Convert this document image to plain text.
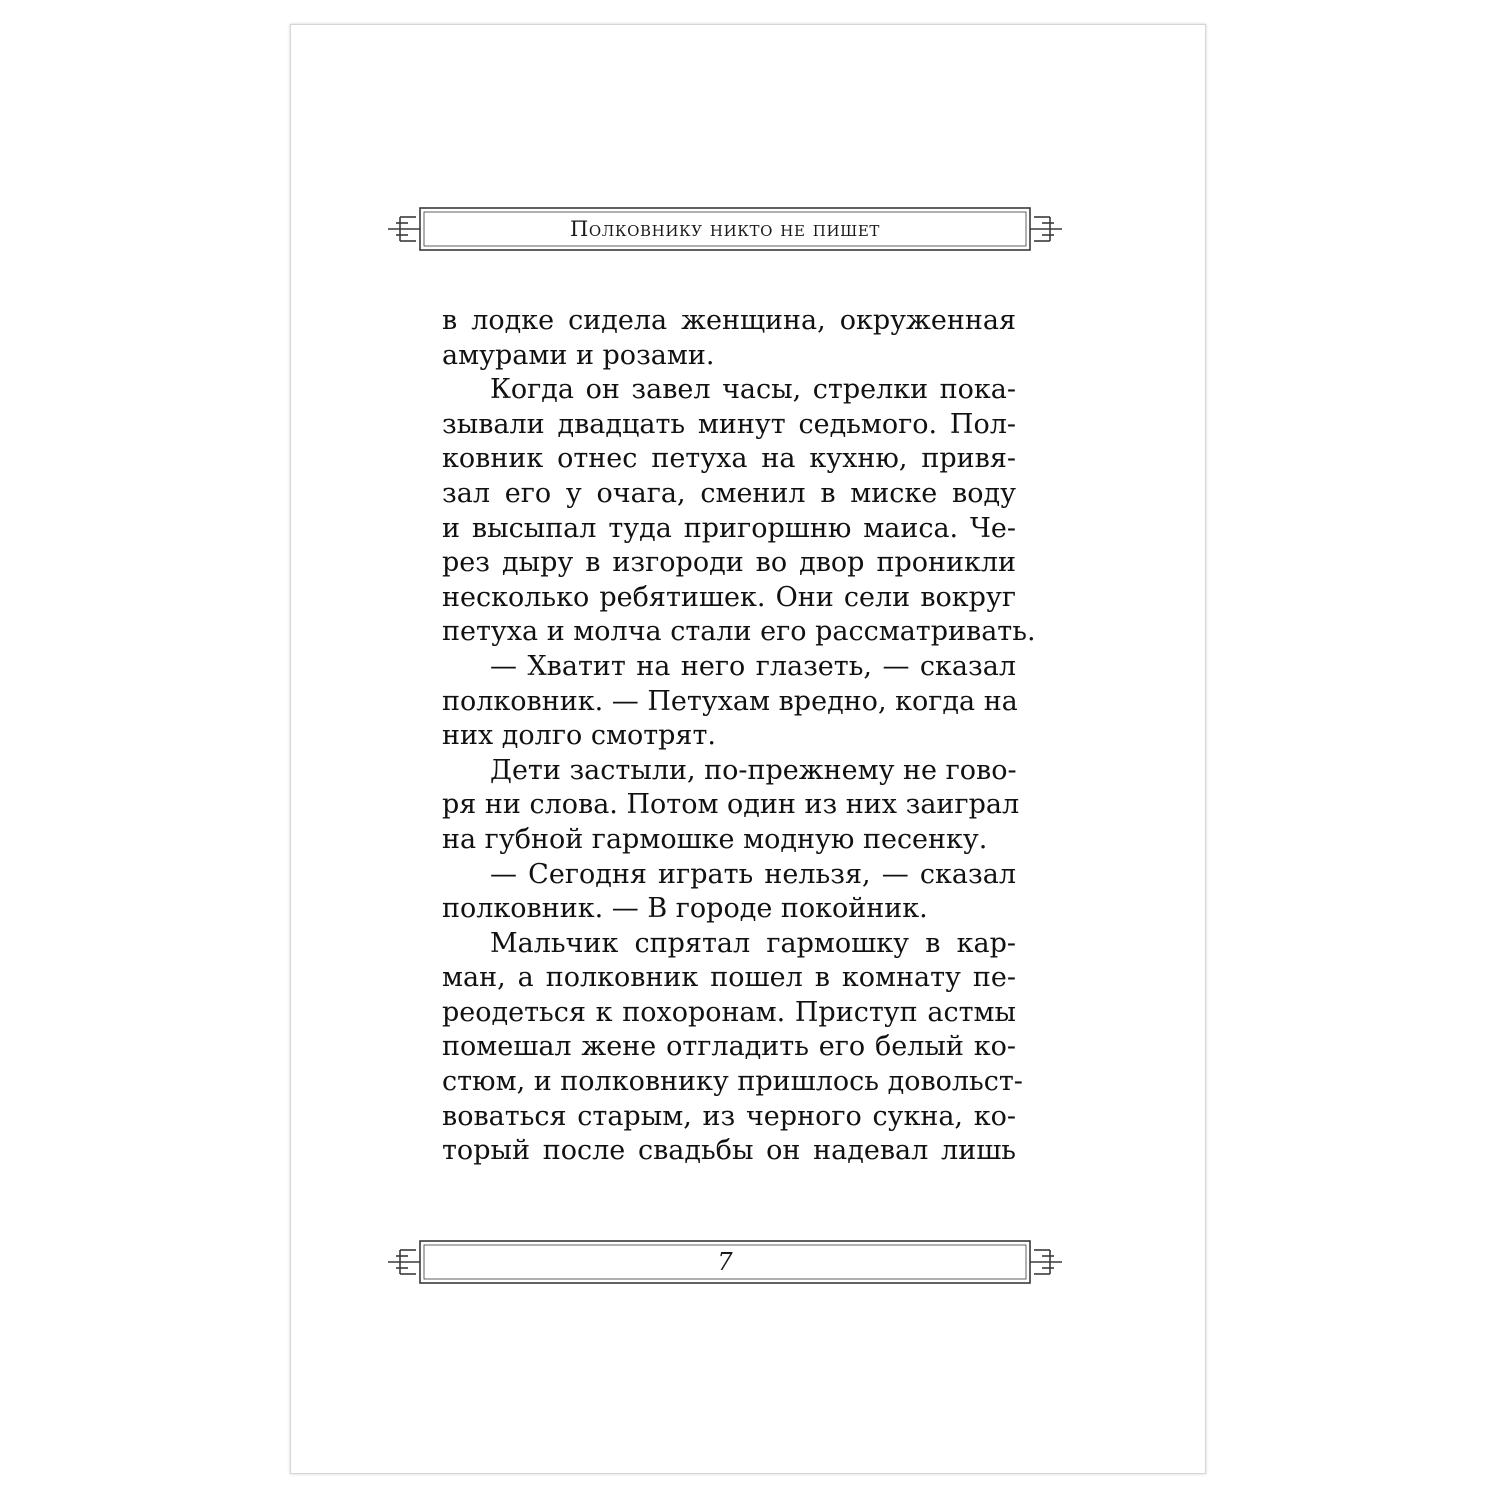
Полковнику никто не пишет
в лодке сидела женщина, окруженная
амурами и розами.
Когда он завел часы, стрелки пока-
зывали двадцать минут седьмого. Пол-
ковник отнес петуха на кухню, привя-
зал его у очага, сменил в миске воду
и высыпал туда пригоршню маиса. Че-
рез дыру в изгороди во двор проникли
несколько ребятишек. Они сели вокруг
петуха и молча стали его рассматривать.
— Хватит на него глазеть, — сказал
полковник. — Петухам вредно, когда на
них долго смотрят.
Дети застыли, по-прежнему не гово-
ря ни слова. Потом один из них заиграл
на губной гармошке модную песенку.
— Сегодня играть нельзя, — сказал
полковник. — В городе покойник.
Мальчик спрятал гармошку в кар-
ман, а полковник пошел в комнату пе-
реодеться к похоронам. Приступ астмы
помешал жене отгладить его белый ко-
стюм, и полковнику пришлось довольст-
воваться старым, из черного сукна, ко-
торый после свадьбы он надевал лишь
7
